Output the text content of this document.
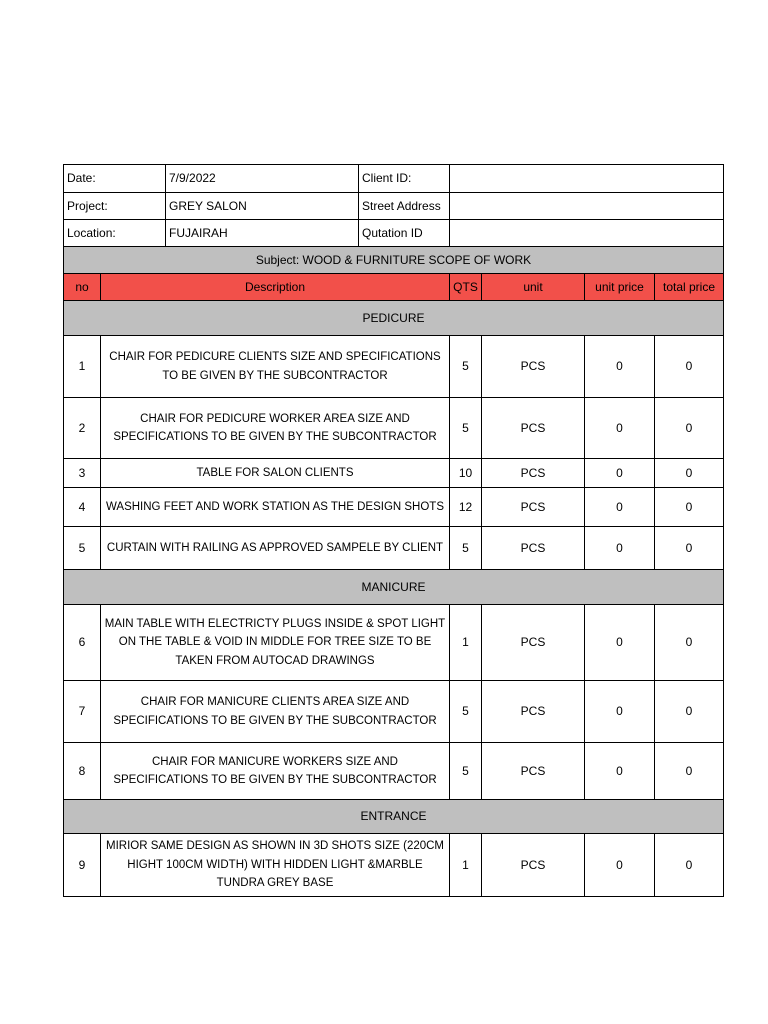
Date:		7/9/2022	Client ID:				
Project:		GREY SALON	Street Address				
Location:		FUJAIRAH	Qutation ID				
Subject: WOOD & FURNITURE SCOPE OF WORK							
no	Description			QTS	unit	unit price	total price
PEDICURE							
1	CHAIR FOR PEDICURE CLIENTS SIZE AND SPECIFICATIONS TO BE GIVEN BY THE SUBCONTRACTOR			5	PCS	0	0
2	CHAIR FOR PEDICURE WORKER AREA SIZE AND SPECIFICATIONS TO BE GIVEN BY THE SUBCONTRACTOR			5	PCS	0	0
3	TABLE FOR SALON CLIENTS			10	PCS	0	0
4	WASHING FEET AND WORK STATION AS THE DESIGN SHOTS			12	PCS	0	0
5	CURTAIN WITH RAILING AS APPROVED SAMPELE BY CLIENT			5	PCS	0	0
MANICURE							
6	MAIN TABLE WITH ELECTRICTY PLUGS INSIDE & SPOT LIGHT ON THE TABLE & VOID IN MIDDLE FOR TREE SIZE TO BE TAKEN FROM AUTOCAD DRAWINGS			1	PCS	0	0
7	CHAIR FOR MANICURE CLIENTS AREA SIZE AND SPECIFICATIONS TO BE GIVEN BY THE SUBCONTRACTOR			5	PCS	0	0
8	CHAIR FOR MANICURE WORKERS SIZE AND SPECIFICATIONS TO BE GIVEN BY THE SUBCONTRACTOR			5	PCS	0	0
ENTRANCE							
9	MIRIOR SAME DESIGN AS SHOWN IN 3D SHOTS SIZE (220CM HIGHT 100CM WIDTH) WITH HIDDEN LIGHT &MARBLE TUNDRA GREY BASE			1	PCS	0	0
